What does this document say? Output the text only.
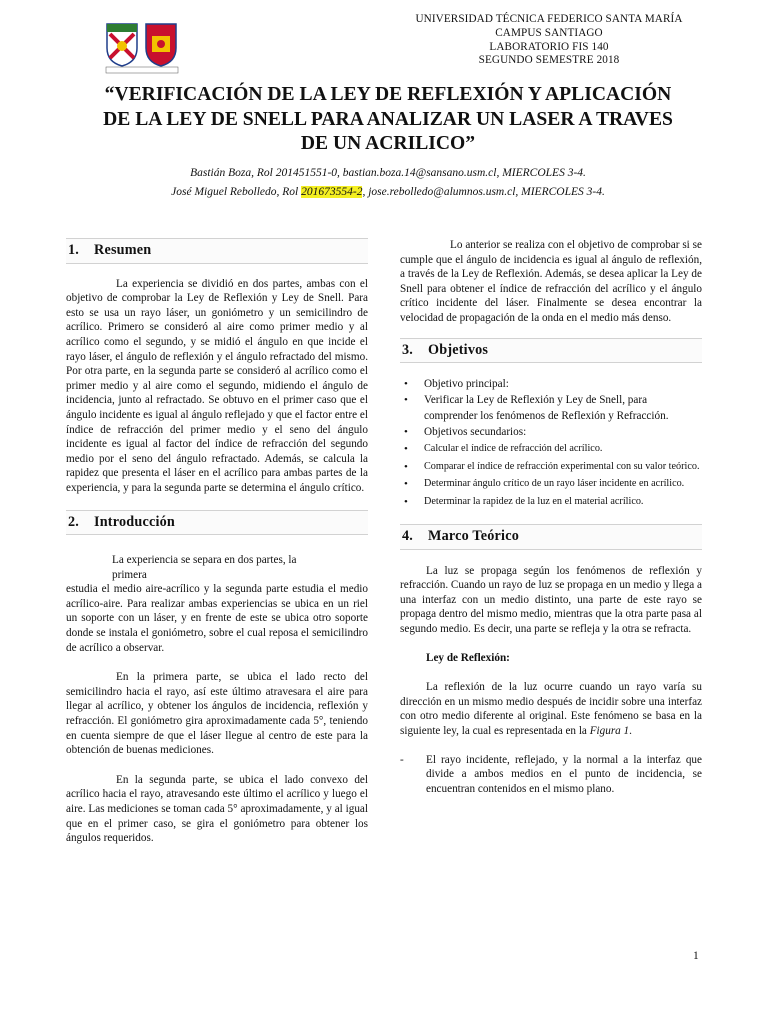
UNIVERSIDAD TÉCNICA FEDERICO SANTA MARÍA
CAMPUS SANTIAGO
LABORATORIO FIS 140
SEGUNDO SEMESTRE 2018
“VERIFICACIÓN DE LA LEY DE REFLEXIÓN Y APLICACIÓN DE LA LEY DE SNELL PARA ANALIZAR UN LASER A TRAVES DE UN ACRILICO”
Bastián Boza, Rol 201451551-0, bastian.boza.14@sansano.usm.cl, MIERCOLES 3-4.
José Miguel Rebolledo, Rol 201673554-2, jose.rebolledo@alumnos.usm.cl, MIERCOLES 3-4.
1. Resumen

La experiencia se dividió en dos partes, ambas con el objetivo de comprobar la Ley de Reflexión y Ley de Snell. Para esto se usa un rayo láser, un goniómetro y un semicilindro de acrílico. Primero se consideró al aire como primer medio y al acrílico como el segundo, y se midió el ángulo en que incide el rayo láser, el ángulo de reflexión y el ángulo refractado del mismo. Por otra parte, en la segunda parte se consideró al acrílico como el primer medio y al aire como el segundo, midiendo el ángulo de incidencia, junto al refractado. Se obtuvo en el primer caso que el ángulo incidente es igual al ángulo reflejado y que el factor entre el índice de refracción del primer medio y el seno del ángulo incidente es igual al factor del índice de refracción del segundo medio por el seno del ángulo refractado. Además, se calcula la rapidez que presenta el láser en el acrílico para ambas partes de la experiencia, y para la segunda parte se determina el ángulo crítico.

2. Introducción

La experiencia se separa en dos partes, la primera

estudia el medio aire-acrílico y la segunda parte estudia el medio acrílico-aire. Para realizar ambas experiencias se ubica en un riel un soporte con un láser, y en frente de este se ubica otro soporte donde se instala el goniómetro, sobre el cual reposa el semicilindro de acrílico a observar.

En la primera parte, se ubica el lado recto del semicilindro hacia el rayo, así este último atravesara el aire para llegar al acrílico, y obtener los ángulos de incidencia, reflexión y refracción. El goniómetro gira aproximadamente cada 5°, teniendo en cuenta siempre de que el láser llegue al centro de este para la obtención de buenas mediciones.

En la segunda parte, se ubica el lado convexo del acrílico hacia el rayo, atravesando este último el acrílico y luego el aire. Las mediciones se toman cada 5° aproximadamente, y al igual que en el primer caso, se gira el goniómetro para obtener los ángulos requeridos.

Lo anterior se realiza con el objetivo de comprobar si se cumple que el ángulo de incidencia es igual al ángulo de reflexión, a través de la Ley de Reflexión. Además, se desea aplicar la Ley de Snell para obtener el índice de refracción del acrílico y el ángulo crítico incidente del láser. Finalmente se desea encontrar la velocidad de propagación de la onda en el medio más denso.

3. Objetivos
• Objetivo principal:
• Verificar la Ley de Reflexión y Ley de Snell, para comprender los fenómenos de Reflexión y Refracción.
• Objetivos secundarios:
• Calcular el índice de refracción del acrílico.
• Comparar el índice de refracción experimental con su valor teórico.
• Determinar ángulo crítico de un rayo láser incidente en acrílico.
• Determinar la rapidez de la luz en el material acrílico.
4. Marco Teórico

La luz se propaga según los fenómenos de reflexión y refracción. Cuando un rayo de luz se propaga en un medio y llega a una interfaz con un medio distinto, una parte de este rayo se propaga dentro del mismo medio, mientras que la otra parte pasa al segundo medio. Es decir, una parte se refleja y la otra se refracta.

Ley de Reflexión:

La reflexión de la luz ocurre cuando un rayo varía su dirección en un mismo medio después de incidir sobre una interfaz con otro medio diferente al original. Este fenómeno se basa en la siguiente ley, la cual es representada en la Figura 1.

- El rayo incidente, reflejado, y la normal a la interfaz que divide a ambos medios en el punto de incidencia, se encuentran contenidos en el mismo plano.
1
